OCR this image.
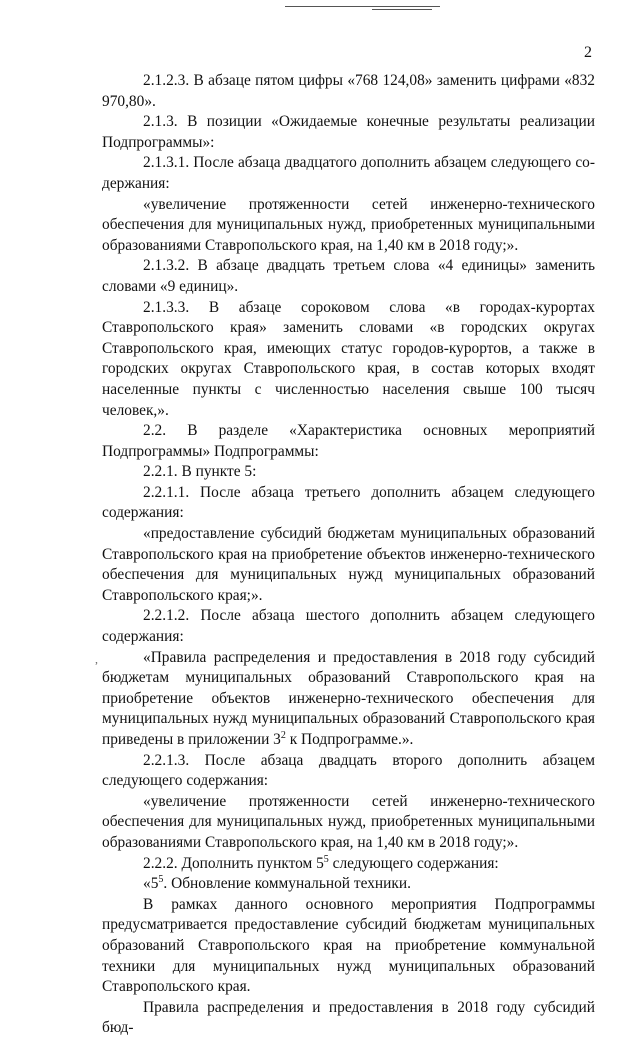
2

2.1.2.3. В абзаце пятом цифры «768 124,08» заменить цифрами «832 970,80».

2.1.3. В позиции «Ожидаемые конечные результаты реализации Подпрограммы»:

2.1.3.1. После абзаца двадцатого дополнить абзацем следующего содержания:

«увеличение протяженности сетей инженерно-технического обеспечения для муниципальных нужд, приобретенных муниципальными образованиями Ставропольского края, на 1,40 км в 2018 году;».

2.1.3.2. В абзаце двадцать третьем слова «4 единицы» заменить словами «9 единиц».

2.1.3.3. В абзаце сороковом слова «в городах-курортах Ставропольского края» заменить словами «в городских округах Ставропольского края, имеющих статус городов-курортов, а также в городских округах Ставропольского края, в состав которых входят населенные пункты с численностью населения свыше 100 тысяч человек,».

2.2. В разделе «Характеристика основных мероприятий Подпрограммы» Подпрограммы:

2.2.1. В пункте 5:

2.2.1.1. После абзаца третьего дополнить абзацем следующего содержания:

«предоставление субсидий бюджетам муниципальных образований Ставропольского края на приобретение объектов инженерно-технического обеспечения для муниципальных нужд муниципальных образований Ставропольского края;».

2.2.1.2. После абзаца шестого дополнить абзацем следующего содержания:

«Правила распределения и предоставления в 2018 году субсидий бюджетам муниципальных образований Ставропольского края на приобретение объектов инженерно-технического обеспечения для муниципальных нужд муниципальных образований Ставропольского края приведены в приложении $3^2$ к Подпрограмме.».

2.2.1.3. После абзаца двадцать второго дополнить абзацем следующего содержания:

«увеличение протяженности сетей инженерно-технического обеспечения для муниципальных нужд, приобретенных муниципальными образованиями Ставропольского края, на 1,40 км в 2018 году;».

2.2.2. Дополнить пунктом $5^5$ следующего содержания:

«$5^5$. Обновление коммунальной техники.

В рамках данного основного мероприятия Подпрограммы предусматривается предоставление субсидий бюджетам муниципальных образований Ставропольского края на приобретение коммунальной техники для муниципальных нужд муниципальных образований Ставропольского края.

Правила распределения и предоставления в 2018 году субсидий бюд-

,
